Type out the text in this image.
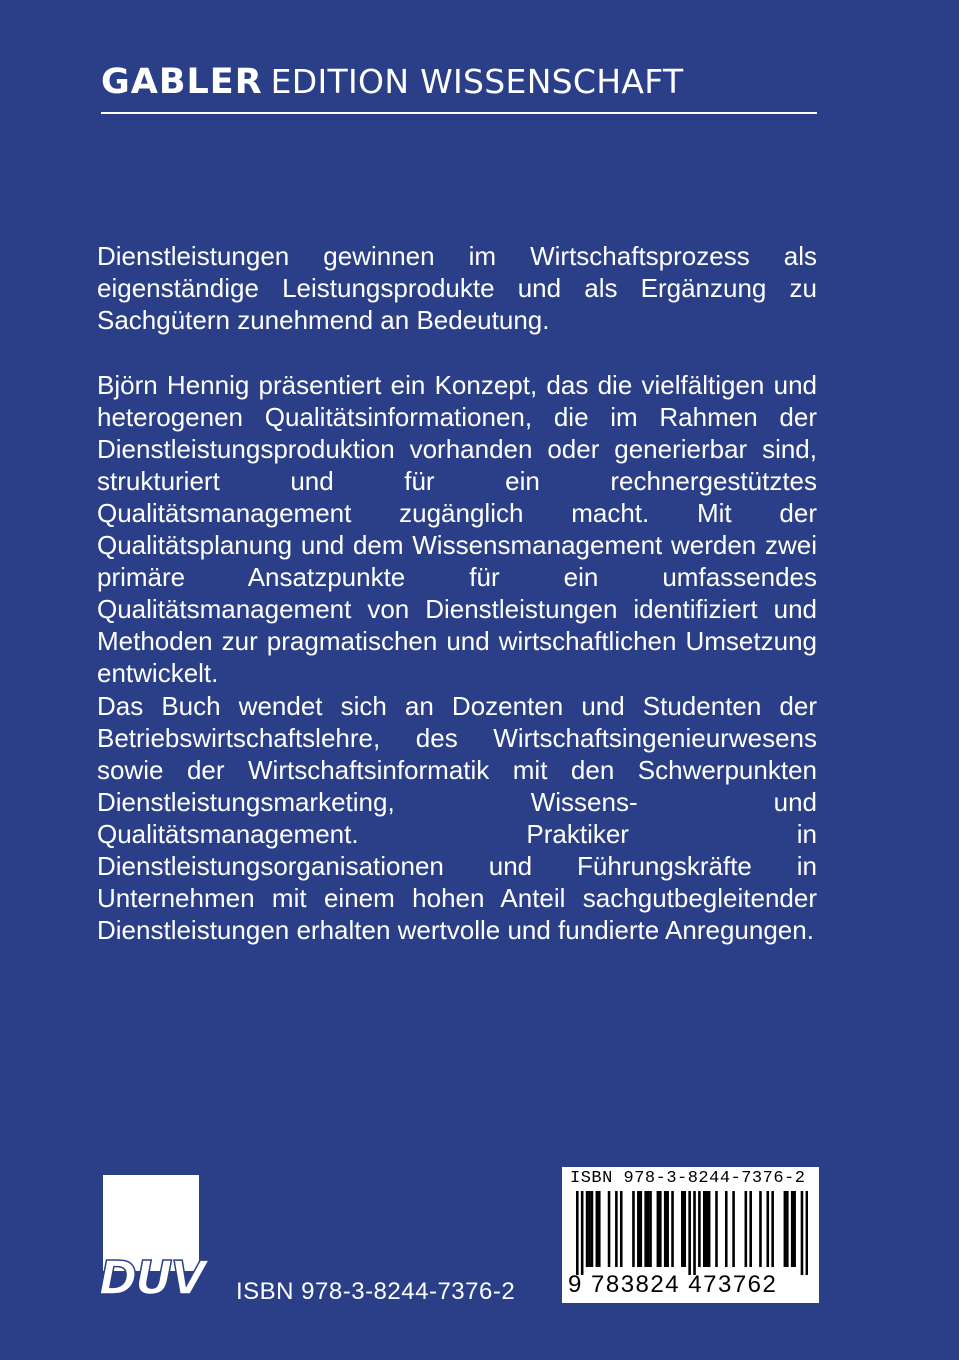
GABLER EDITION WISSENSCHAFT

Dienstleistungen gewinnen im Wirtschaftsprozess als eigenständige Leistungsprodukte und als Ergänzung zu Sachgütern zunehmend an Bedeutung.

Björn Hennig präsentiert ein Konzept, das die vielfältigen und heterogenen Qualitätsinformationen, die im Rahmen der Dienstleistungsproduktion vorhanden oder generierbar sind, strukturiert und für ein rechnergestütztes Qualitätsmanagement zugänglich macht. Mit der Qualitätsplanung und dem Wissensmanagement werden zwei primäre Ansatzpunkte für ein umfassendes Qualitätsmanagement von Dienstleistungen identifiziert und Methoden zur pragmatischen und wirtschaftlichen Umsetzung entwickelt.

Das Buch wendet sich an Dozenten und Studenten der Betriebswirtschaftslehre, des Wirtschaftsingenieurwesens sowie der Wirtschaftsinformatik mit den Schwerpunkten Dienstleistungsmarketing, Wissens- und Qualitätsmanagement. Praktiker in Dienstleistungsorganisationen und Führungskräfte in Unternehmen mit einem hohen Anteil sachgutbegleitender Dienstleistungen erhalten wertvolle und fundierte Anregungen.

DUV ISBN 978-3-8244-7376-2
ISBN 978-3-8244-7376-2
9 783824 473762
